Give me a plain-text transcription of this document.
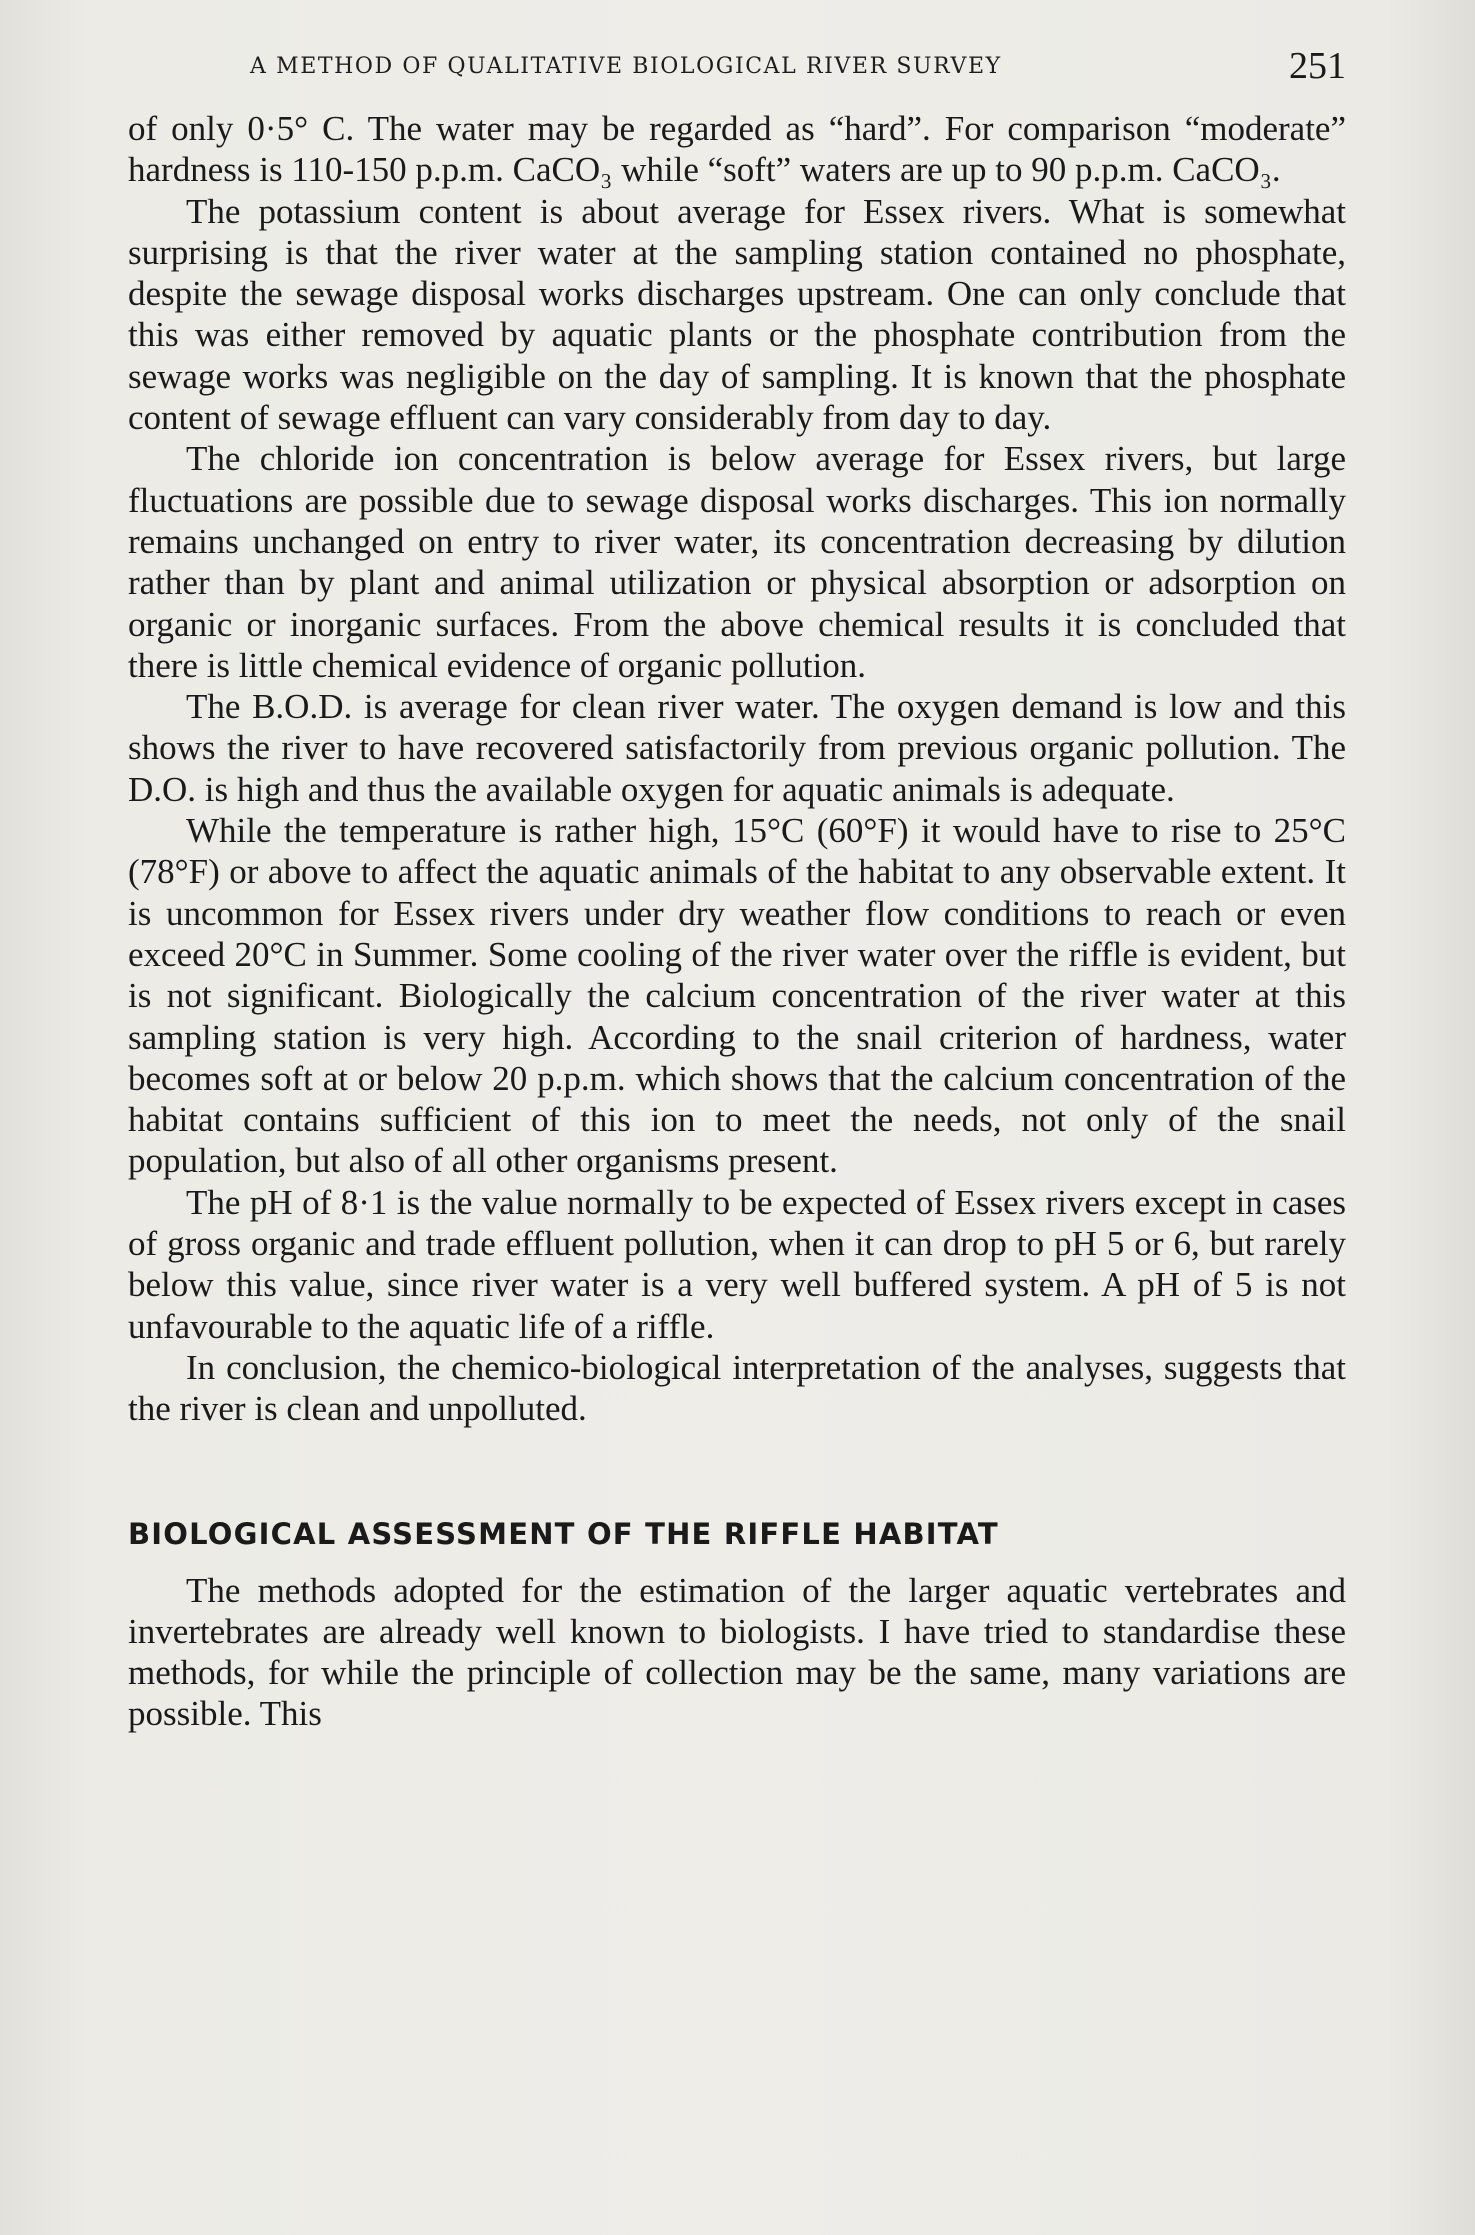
A METHOD OF QUALITATIVE BIOLOGICAL RIVER SURVEY	251

of only 0·5° C. The water may be regarded as “hard”. For comparison “moderate” hardness is 110-150 p.p.m. CaCO₃ while “soft” waters are up to 90 p.p.m. CaCO₃.

The potassium content is about average for Essex rivers. What is somewhat surprising is that the river water at the sampling station contained no phosphate, despite the sewage disposal works discharges upstream. One can only conclude that this was either removed by aquatic plants or the phosphate contribution from the sewage works was negligible on the day of sampling. It is known that the phosphate content of sewage effluent can vary considerably from day to day.

The chloride ion concentration is below average for Essex rivers, but large fluctuations are possible due to sewage disposal works discharges. This ion normally remains unchanged on entry to river water, its concentration decreasing by dilution rather than by plant and animal utilization or physical absorption or adsorption on organic or inorganic surfaces. From the above chemical results it is concluded that there is little chemical evidence of organic pollution.

The B.O.D. is average for clean river water. The oxygen demand is low and this shows the river to have recovered satisfactorily from previous organic pollution. The D.O. is high and thus the available oxygen for aquatic animals is adequate.

While the temperature is rather high, 15°C (60°F) it would have to rise to 25°C (78°F) or above to affect the aquatic animals of the habitat to any observable extent. It is uncommon for Essex rivers under dry weather flow conditions to reach or even exceed 20°C in Summer. Some cooling of the river water over the riffle is evident, but is not significant. Biologically the calcium concentration of the river water at this sampling station is very high. According to the snail criterion of hardness, water becomes soft at or below 20 p.p.m. which shows that the calcium concentration of the habitat contains sufficient of this ion to meet the needs, not only of the snail population, but also of all other organisms present.

The pH of 8·1 is the value normally to be expected of Essex rivers except in cases of gross organic and trade effluent pollution, when it can drop to pH 5 or 6, but rarely below this value, since river water is a very well buffered system. A pH of 5 is not unfavourable to the aquatic life of a riffle.

In conclusion, the chemico-biological interpretation of the analyses, suggests that the river is clean and unpolluted.

BIOLOGICAL ASSESSMENT OF THE RIFFLE HABITAT

The methods adopted for the estimation of the larger aquatic vertebrates and invertebrates are already well known to biologists. I have tried to standardise these methods, for while the principle of collection may be the same, many variations are possible. This
